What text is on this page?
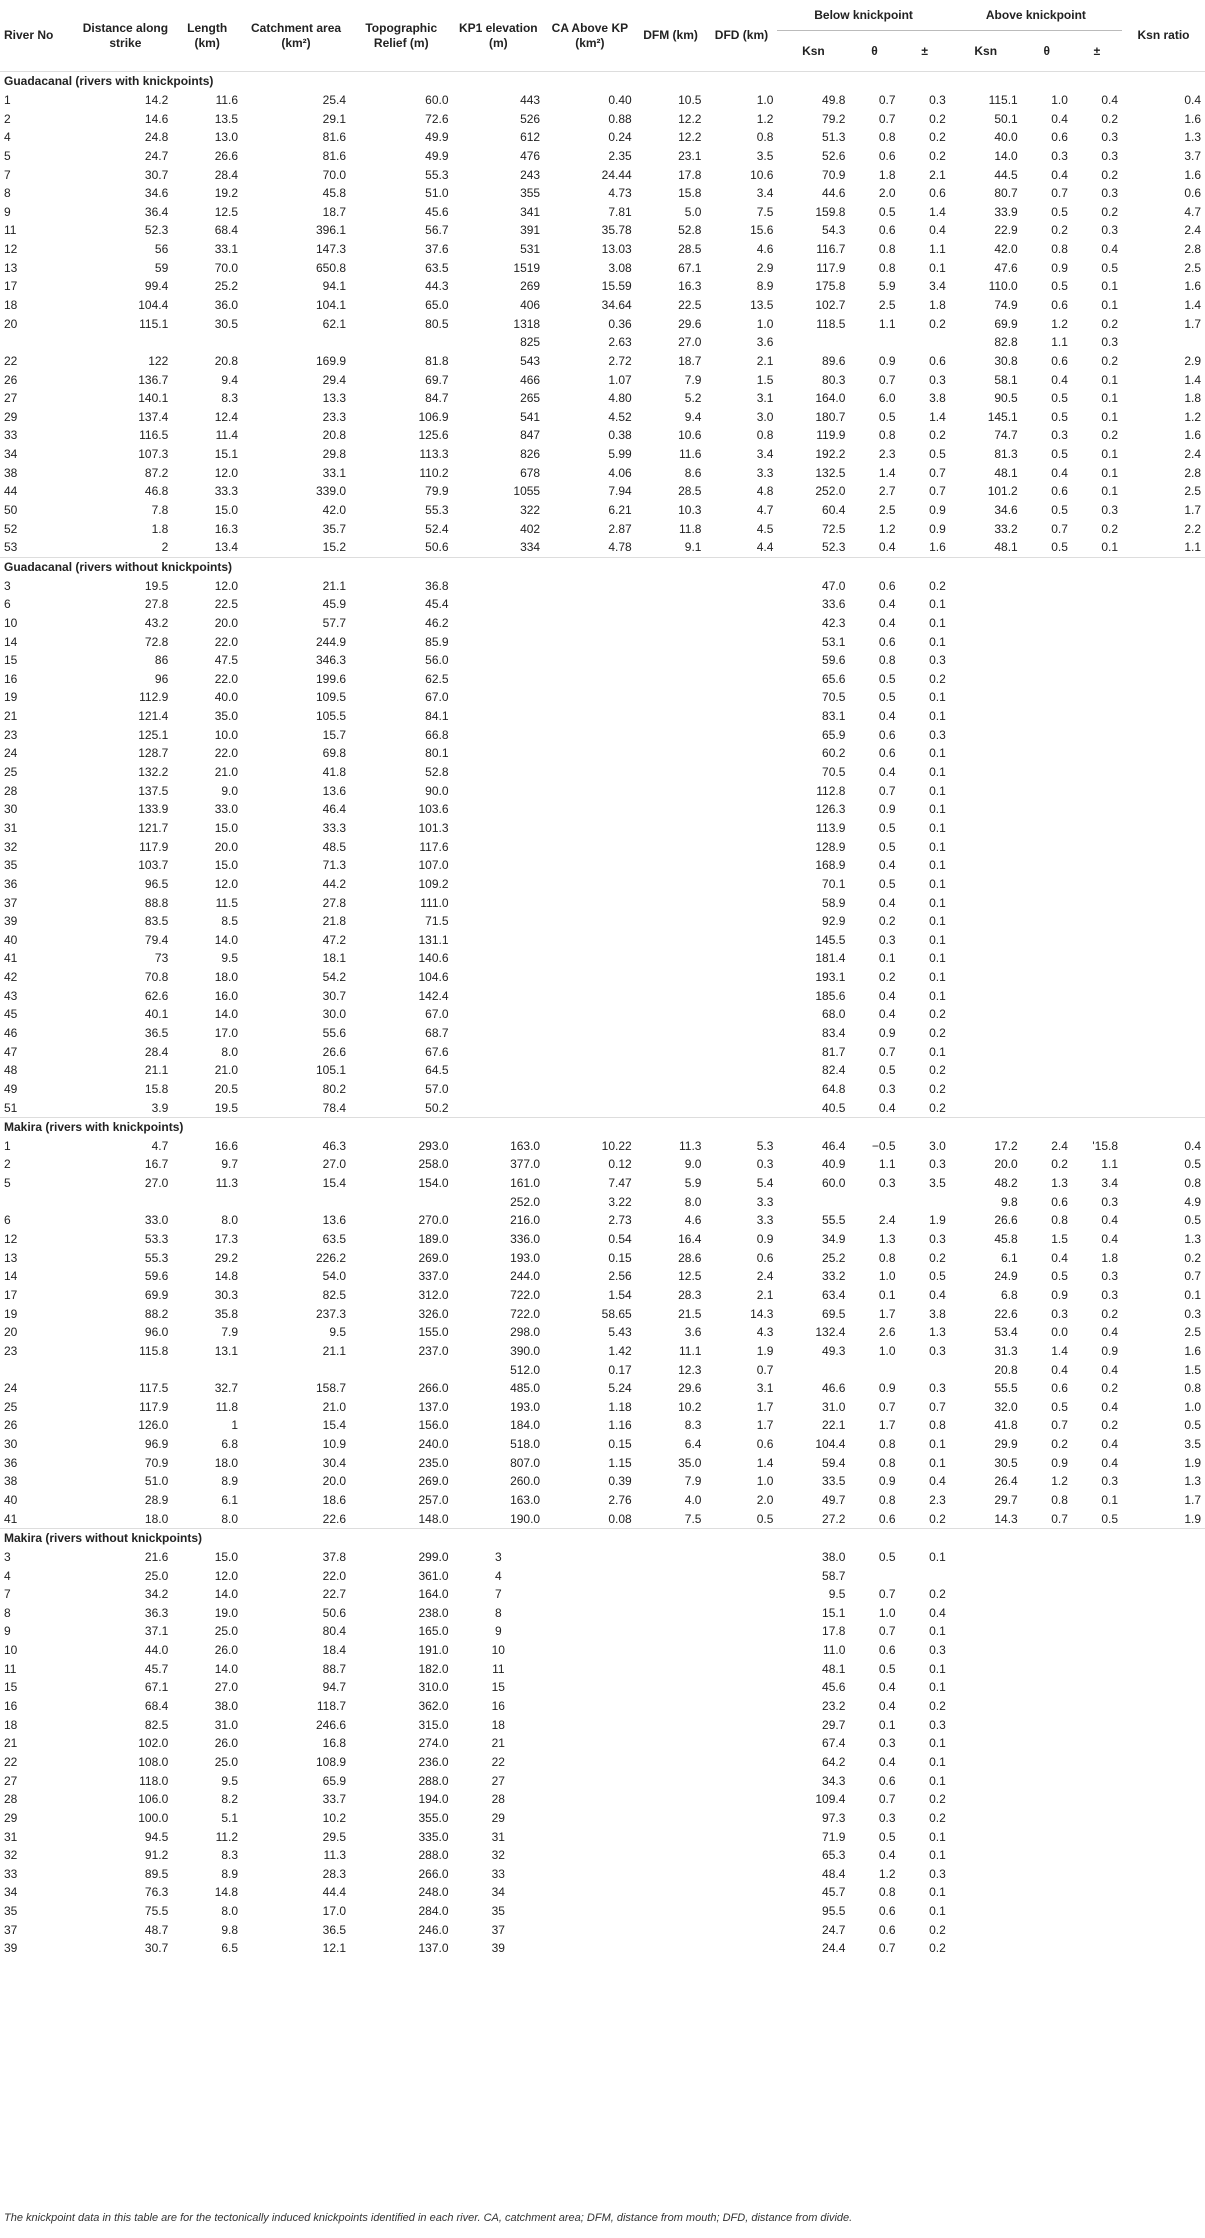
River No	Distance along strike	Length (km)	Catchment area (km²)	Topographic Relief (m)	KP1 elevation (m)	CA Above KP (km²)	DFM (km)	DFD (km)	Below knickpoint			Above knickpoint			Ksn ratio
									Ksn	θ	±	Ksn	θ	±	
Guadacanal (rivers with knickpoints)															
1	14.2	11.6	25.4	60.0	443	0.40	10.5	1.0	49.8	0.7	0.3	115.1	1.0	0.4	0.4
2	14.6	13.5	29.1	72.6	526	0.88	12.2	1.2	79.2	0.7	0.2	50.1	0.4	0.2	1.6
4	24.8	13.0	81.6	49.9	612	0.24	12.2	0.8	51.3	0.8	0.2	40.0	0.6	0.3	1.3
5	24.7	26.6	81.6	49.9	476	2.35	23.1	3.5	52.6	0.6	0.2	14.0	0.3	0.3	3.7
7	30.7	28.4	70.0	55.3	243	24.44	17.8	10.6	70.9	1.8	2.1	44.5	0.4	0.2	1.6
8	34.6	19.2	45.8	51.0	355	4.73	15.8	3.4	44.6	2.0	0.6	80.7	0.7	0.3	0.6
9	36.4	12.5	18.7	45.6	341	7.81	5.0	7.5	159.8	0.5	1.4	33.9	0.5	0.2	4.7
11	52.3	68.4	396.1	56.7	391	35.78	52.8	15.6	54.3	0.6	0.4	22.9	0.2	0.3	2.4
12	56	33.1	147.3	37.6	531	13.03	28.5	4.6	116.7	0.8	1.1	42.0	0.8	0.4	2.8
13	59	70.0	650.8	63.5	1519	3.08	67.1	2.9	117.9	0.8	0.1	47.6	0.9	0.5	2.5
17	99.4	25.2	94.1	44.3	269	15.59	16.3	8.9	175.8	5.9	3.4	110.0	0.5	0.1	1.6
18	104.4	36.0	104.1	65.0	406	34.64	22.5	13.5	102.7	2.5	1.8	74.9	0.6	0.1	1.4
20	115.1	30.5	62.1	80.5	1318	0.36	29.6	1.0	118.5	1.1	0.2	69.9	1.2	0.2	1.7
					825	2.63	27.0	3.6				82.8	1.1	0.3	
22	122	20.8	169.9	81.8	543	2.72	18.7	2.1	89.6	0.9	0.6	30.8	0.6	0.2	2.9
26	136.7	9.4	29.4	69.7	466	1.07	7.9	1.5	80.3	0.7	0.3	58.1	0.4	0.1	1.4
27	140.1	8.3	13.3	84.7	265	4.80	5.2	3.1	164.0	6.0	3.8	90.5	0.5	0.1	1.8
29	137.4	12.4	23.3	106.9	541	4.52	9.4	3.0	180.7	0.5	1.4	145.1	0.5	0.1	1.2
33	116.5	11.4	20.8	125.6	847	0.38	10.6	0.8	119.9	0.8	0.2	74.7	0.3	0.2	1.6
34	107.3	15.1	29.8	113.3	826	5.99	11.6	3.4	192.2	2.3	0.5	81.3	0.5	0.1	2.4
38	87.2	12.0	33.1	110.2	678	4.06	8.6	3.3	132.5	1.4	0.7	48.1	0.4	0.1	2.8
44	46.8	33.3	339.0	79.9	1055	7.94	28.5	4.8	252.0	2.7	0.7	101.2	0.6	0.1	2.5
50	7.8	15.0	42.0	55.3	322	6.21	10.3	4.7	60.4	2.5	0.9	34.6	0.5	0.3	1.7
52	1.8	16.3	35.7	52.4	402	2.87	11.8	4.5	72.5	1.2	0.9	33.2	0.7	0.2	2.2
53	2	13.4	15.2	50.6	334	4.78	9.1	4.4	52.3	0.4	1.6	48.1	0.5	0.1	1.1
Guadacanal (rivers without knickpoints)															
3	19.5	12.0	21.1	36.8					47.0	0.6	0.2				
6	27.8	22.5	45.9	45.4					33.6	0.4	0.1				
10	43.2	20.0	57.7	46.2					42.3	0.4	0.1				
14	72.8	22.0	244.9	85.9					53.1	0.6	0.1				
15	86	47.5	346.3	56.0					59.6	0.8	0.3				
16	96	22.0	199.6	62.5					65.6	0.5	0.2				
19	112.9	40.0	109.5	67.0					70.5	0.5	0.1				
21	121.4	35.0	105.5	84.1					83.1	0.4	0.1				
23	125.1	10.0	15.7	66.8					65.9	0.6	0.3				
24	128.7	22.0	69.8	80.1					60.2	0.6	0.1				
25	132.2	21.0	41.8	52.8					70.5	0.4	0.1				
28	137.5	9.0	13.6	90.0					112.8	0.7	0.1				
30	133.9	33.0	46.4	103.6					126.3	0.9	0.1				
31	121.7	15.0	33.3	101.3					113.9	0.5	0.1				
32	117.9	20.0	48.5	117.6					128.9	0.5	0.1				
35	103.7	15.0	71.3	107.0					168.9	0.4	0.1				
36	96.5	12.0	44.2	109.2					70.1	0.5	0.1				
37	88.8	11.5	27.8	111.0					58.9	0.4	0.1				
39	83.5	8.5	21.8	71.5					92.9	0.2	0.1				
40	79.4	14.0	47.2	131.1					145.5	0.3	0.1				
41	73	9.5	18.1	140.6					181.4	0.1	0.1				
42	70.8	18.0	54.2	104.6					193.1	0.2	0.1				
43	62.6	16.0	30.7	142.4					185.6	0.4	0.1				
45	40.1	14.0	30.0	67.0					68.0	0.4	0.2				
46	36.5	17.0	55.6	68.7					83.4	0.9	0.2				
47	28.4	8.0	26.6	67.6					81.7	0.7	0.1				
48	21.1	21.0	105.1	64.5					82.4	0.5	0.2				
49	15.8	20.5	80.2	57.0					64.8	0.3	0.2				
51	3.9	19.5	78.4	50.2					40.5	0.4	0.2				
Makira (rivers with knickpoints)															
1	4.7	16.6	46.3	293.0	163.0	10.22	11.3	5.3	46.4	−0.5	3.0	17.2	2.4	'15.8	0.4
2	16.7	9.7	27.0	258.0	377.0	0.12	9.0	0.3	40.9	1.1	0.3	20.0	0.2	1.1	0.5
5	27.0	11.3	15.4	154.0	161.0	7.47	5.9	5.4	60.0	0.3	3.5	48.2	1.3	3.4	0.8
					252.0	3.22	8.0	3.3				9.8	0.6	0.3	4.9
6	33.0	8.0	13.6	270.0	216.0	2.73	4.6	3.3	55.5	2.4	1.9	26.6	0.8	0.4	0.5
12	53.3	17.3	63.5	189.0	336.0	0.54	16.4	0.9	34.9	1.3	0.3	45.8	1.5	0.4	1.3
13	55.3	29.2	226.2	269.0	193.0	0.15	28.6	0.6	25.2	0.8	0.2	6.1	0.4	1.8	0.2
14	59.6	14.8	54.0	337.0	244.0	2.56	12.5	2.4	33.2	1.0	0.5	24.9	0.5	0.3	0.7
17	69.9	30.3	82.5	312.0	722.0	1.54	28.3	2.1	63.4	0.1	0.4	6.8	0.9	0.3	0.1
19	88.2	35.8	237.3	326.0	722.0	58.65	21.5	14.3	69.5	1.7	3.8	22.6	0.3	0.2	0.3
20	96.0	7.9	9.5	155.0	298.0	5.43	3.6	4.3	132.4	2.6	1.3	53.4	0.0	0.4	2.5
23	115.8	13.1	21.1	237.0	390.0	1.42	11.1	1.9	49.3	1.0	0.3	31.3	1.4	0.9	1.6
					512.0	0.17	12.3	0.7				20.8	0.4	0.4	1.5
24	117.5	32.7	158.7	266.0	485.0	5.24	29.6	3.1	46.6	0.9	0.3	55.5	0.6	0.2	0.8
25	117.9	11.8	21.0	137.0	193.0	1.18	10.2	1.7	31.0	0.7	0.7	32.0	0.5	0.4	1.0
26	126.0	1	15.4	156.0	184.0	1.16	8.3	1.7	22.1	1.7	0.8	41.8	0.7	0.2	0.5
30	96.9	6.8	10.9	240.0	518.0	0.15	6.4	0.6	104.4	0.8	0.1	29.9	0.2	0.4	3.5
36	70.9	18.0	30.4	235.0	807.0	1.15	35.0	1.4	59.4	0.8	0.1	30.5	0.9	0.4	1.9
38	51.0	8.9	20.0	269.0	260.0	0.39	7.9	1.0	33.5	0.9	0.4	26.4	1.2	0.3	1.3
40	28.9	6.1	18.6	257.0	163.0	2.76	4.0	2.0	49.7	0.8	2.3	29.7	0.8	0.1	1.7
41	18.0	8.0	22.6	148.0	190.0	0.08	7.5	0.5	27.2	0.6	0.2	14.3	0.7	0.5	1.9
Makira (rivers without knickpoints)															
3	21.6	15.0	37.8	299.0	3				38.0	0.5	0.1				
4	25.0	12.0	22.0	361.0	4				58.7						
7	34.2	14.0	22.7	164.0	7				9.5	0.7	0.2				
8	36.3	19.0	50.6	238.0	8				15.1	1.0	0.4				
9	37.1	25.0	80.4	165.0	9				17.8	0.7	0.1				
10	44.0	26.0	18.4	191.0	10				11.0	0.6	0.3				
11	45.7	14.0	88.7	182.0	11				48.1	0.5	0.1				
15	67.1	27.0	94.7	310.0	15				45.6	0.4	0.1				
16	68.4	38.0	118.7	362.0	16				23.2	0.4	0.2				
18	82.5	31.0	246.6	315.0	18				29.7	0.1	0.3				
21	102.0	26.0	16.8	274.0	21				67.4	0.3	0.1				
22	108.0	25.0	108.9	236.0	22				64.2	0.4	0.1				
27	118.0	9.5	65.9	288.0	27				34.3	0.6	0.1				
28	106.0	8.2	33.7	194.0	28				109.4	0.7	0.2				
29	100.0	5.1	10.2	355.0	29				97.3	0.3	0.2				
31	94.5	11.2	29.5	335.0	31				71.9	0.5	0.1				
32	91.2	8.3	11.3	288.0	32				65.3	0.4	0.1				
33	89.5	8.9	28.3	266.0	33				48.4	1.2	0.3				
34	76.3	14.8	44.4	248.0	34				45.7	0.8	0.1				
35	75.5	8.0	17.0	284.0	35				95.5	0.6	0.1				
37	48.7	9.8	36.5	246.0	37				24.7	0.6	0.2				
39	30.7	6.5	12.1	137.0	39				24.4	0.7	0.2				
The knickpoint data in this table are for the tectonically induced knickpoints identified in each river. CA, catchment area; DFM, distance from mouth; DFD, distance from divide.
